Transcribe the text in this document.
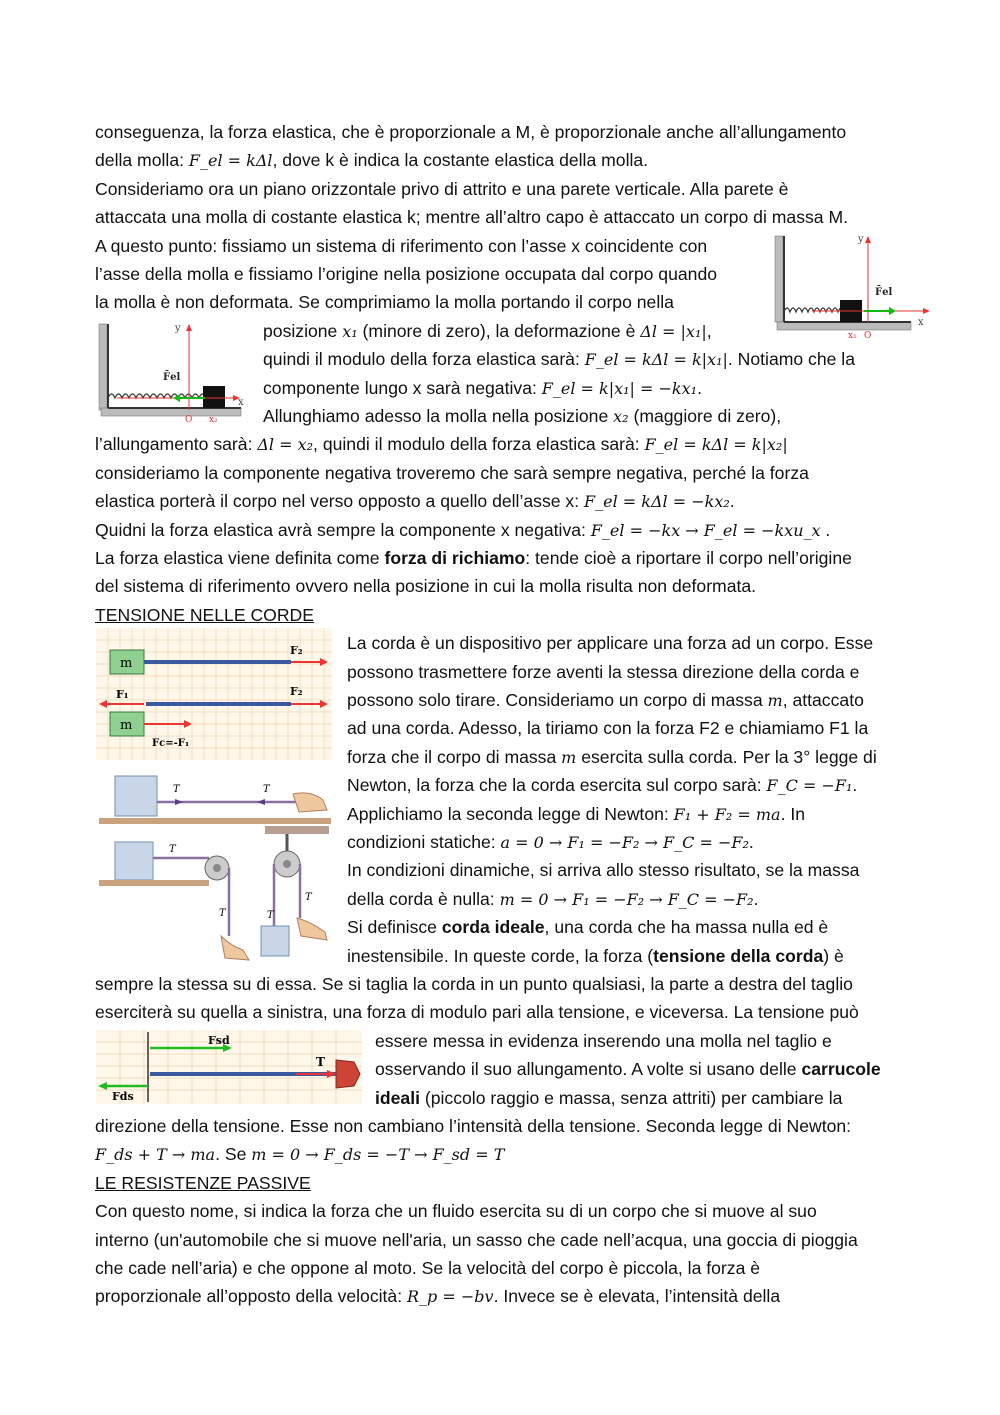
conseguenza, la forza elastica, che è proporzionale a M, è proporzionale anche all’allungamento
della molla: F_el = kΔl, dove k è indica la costante elastica della molla.
Consideriamo ora un piano orizzontale privo di attrito e una parete verticale. Alla parete è
attaccata una molla di costante elastica k; mentre all’altro capo è attaccato un corpo di massa M.
A questo punto: fissiamo un sistema di riferimento con l’asse x coincidente con
l’asse della molla e fissiamo l’origine nella posizione occupata dal corpo quando
la molla è non deformata. Se comprimiamo la molla portando il corpo nella
posizione x₁ (minore di zero), la deformazione è Δl = |x₁|,
quindi il modulo della forza elastica sarà: F_el = kΔl = k|x₁|. Notiamo che la
componente lungo x sarà negativa: F_el = k|x₁| = −kx₁.
Allunghiamo adesso la molla nella posizione x₂ (maggiore di zero),
l’allungamento sarà: Δl = x₂, quindi il modulo della forza elastica sarà: F_el = kΔl = k|x₂|
consideriamo la componente negativa troveremo che sarà sempre negativa, perché la forza
elastica porterà il corpo nel verso opposto a quello dell’asse x: F_el = kΔl = −kx₂.
Quidni la forza elastica avrà sempre la componente x negativa: F_el = −kx → F_el = −kxu_x .
La forza elastica viene definita come forza di richiamo: tende cioè a riportare il corpo nell’origine
del sistema di riferimento ovvero nella posizione in cui la molla risulta non deformata.
TENSIONE NELLE CORDE
La corda è un dispositivo per applicare una forza ad un corpo. Esse
possono trasmettere forze aventi la stessa direzione della corda e
possono solo tirare. Consideriamo un corpo di massa m, attaccato
ad una corda. Adesso, la tiriamo con la forza F2 e chiamiamo F1 la
forza che il corpo di massa m esercita sulla corda. Per la 3° legge di
Newton, la forza che la corda esercita sul corpo sarà: F_C = −F₁.
Applichiamo la seconda legge di Newton: F₁ + F₂ = ma. In
condizioni statiche: a = 0 → F₁ = −F₂ → F_C = −F₂.
In condizioni dinamiche, si arriva allo stesso risultato, se la massa
della corda è nulla: m = 0 → F₁ = −F₂ → F_C = −F₂.
Si definisce corda ideale, una corda che ha massa nulla ed è
inestensibile. In queste corde, la forza (tensione della corda) è
sempre la stessa su di essa. Se si taglia la corda in un punto qualsiasi, la parte a destra del taglio
eserciterà su quella a sinistra, una forza di modulo pari alla tensione, e viceversa. La tensione può
essere messa in evidenza inserendo una molla nel taglio e
osservando il suo allungamento. A volte si usano delle carrucole
ideali (piccolo raggio e massa, senza attriti) per cambiare la
direzione della tensione. Esse non cambiano l’intensità della tensione. Seconda legge di Newton:
F_ds + T → ma. Se m = 0 → F_ds = −T → F_sd = T
LE RESISTENZE PASSIVE
Con questo nome, si indica la forza che un fluido esercita su di un corpo che si muove al suo
interno (un'automobile che si muove nell'aria, un sasso che cade nell’acqua, una goccia di pioggia
che cade nell’aria) e che oppone al moto. Se la velocità del corpo è piccola, la forza è
proporzionale all’opposto della velocità: R_p = −bv. Invece se è elevata, l’intensità della
y
x
F̄el
x₁ O
y
x
F̄el
O x₂
m
F₂
F₁	F₂
m
Fc=-F₁
T	T
T
T	T
T
Fsd
Fds
T
